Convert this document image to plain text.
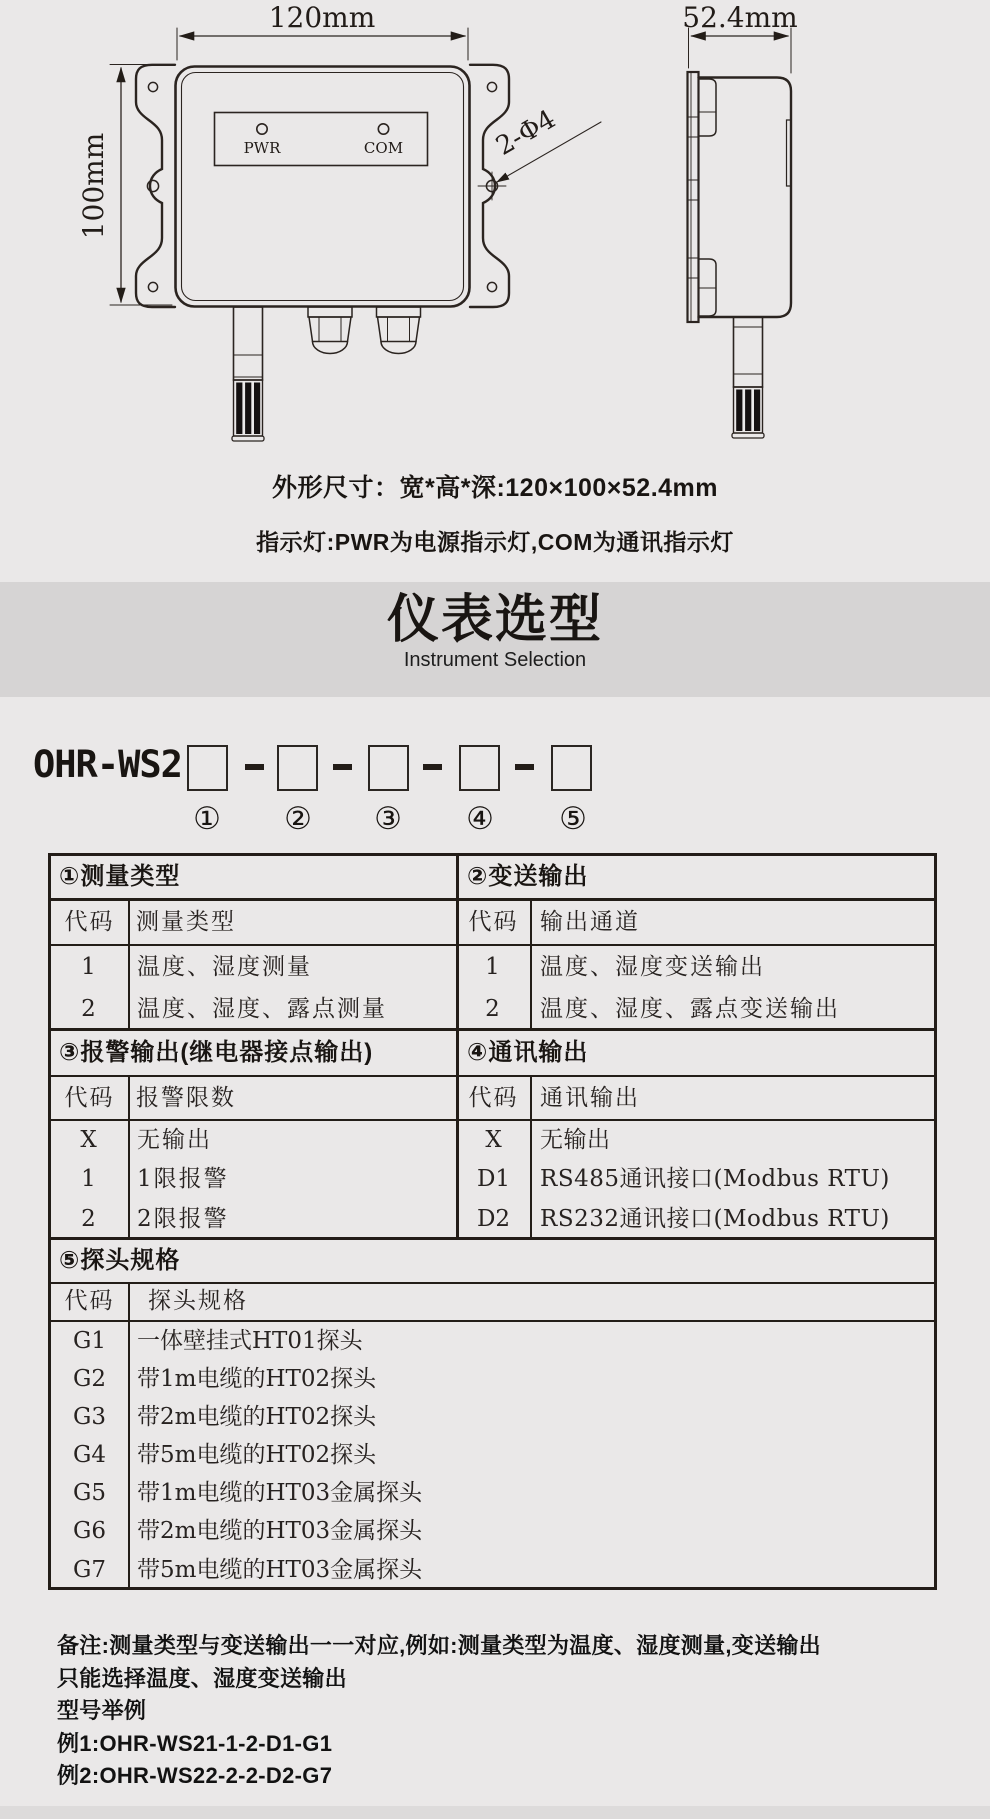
120mm
100mm
52.4mm
2-Φ4
PWR	COM
外形尺寸：宽*高*深:120×100×52.4mm
指示灯:PWR为电源指示灯,COM为通讯指示灯
仪表选型
Instrument Selection
OHR-WS2
① ② ③ ④ ⑤
①测量类型
代码 测量类型
1
2
温度、湿度测量
温度、湿度、露点测量
②变送输出
代码 输出通道
1
2
温度、湿度变送输出
温度、湿度、露点变送输出
③报警输出(继电器接点输出)
代码 报警限数
X
1
2
无输出
1限报警
2限报警
④通讯输出
代码 通讯输出
X
D1
D2
无输出
RS485通讯接口(Modbus RTU)
RS232通讯接口(Modbus RTU)
⑤探头规格
代码	探头规格
G1
G2
G3
G4
G5
G6
G7
一体壁挂式HT01探头
带1m电缆的HT02探头
带2m电缆的HT02探头
带5m电缆的HT02探头
带1m电缆的HT03金属探头
带2m电缆的HT03金属探头
带5m电缆的HT03金属探头
备注:测量类型与变送输出一一对应,例如:测量类型为温度、湿度测量,变送输出
只能选择温度、湿度变送输出
型号举例
例1:OHR-WS21-1-2-D1-G1
例2:OHR-WS22-2-2-D2-G7
